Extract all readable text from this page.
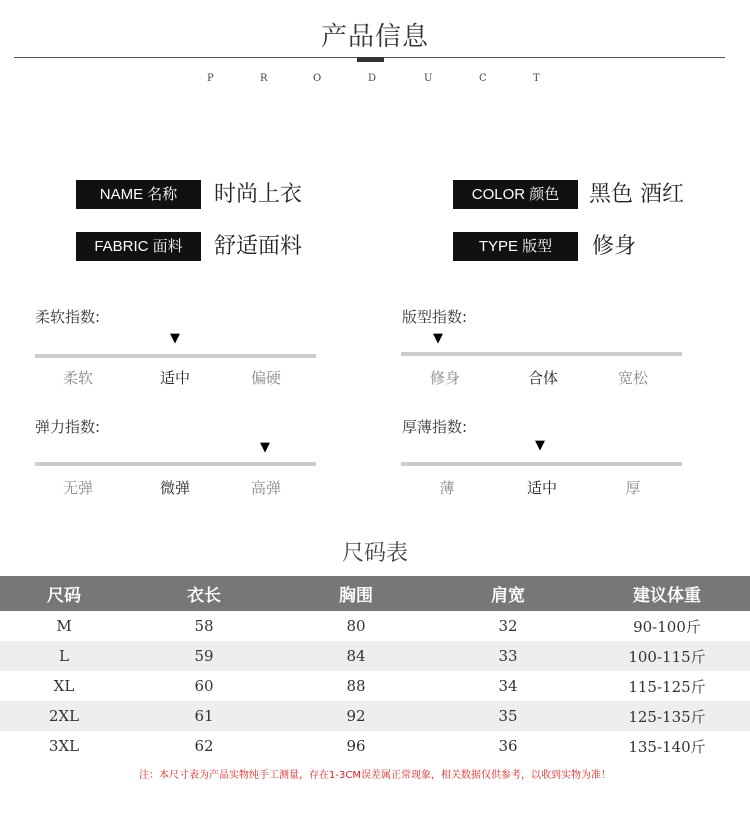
产品信息
P	R	O	D	U	C	T
NAME 名称	时尚上衣	COLOR 颜色	黑色 酒红
FABRIC 面料	舒适面料	TYPE 版型	修身
柔软指数:
▼
柔软	适中	偏硬
版型指数:
▼
修身	合体	宽松
弹力指数:
▼
无弹	微弹	高弹
厚薄指数:
▼
薄	适中	厚
尺码表
尺码	衣长	胸围	肩宽	建议体重
M	58	80	32	90-100斤
L	59	84	33	100-115斤
XL	60	88	34	115-125斤
2XL	61	92	35	125-135斤
3XL	62	96	36	135-140斤
注：本尺寸表为产品实物纯手工测量，存在1-3CM误差属正常现象，相关数据仅供参考，以收到实物为准！
